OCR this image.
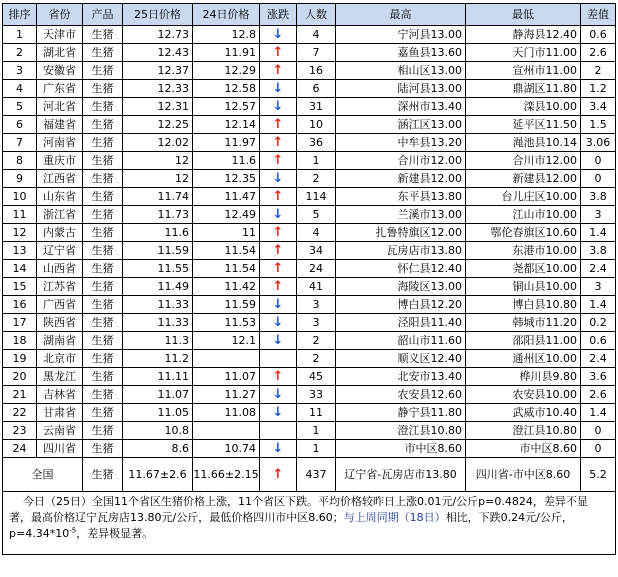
排序	省份	产品	25日价格	24日价格	涨跌	人数	最高	最低	差值
1	天津市	生猪	12.73	12.8	↓	4	宁河县13.00	静海县12.40	0.6
2	湖北省	生猪	12.43	11.91	↑	7	嘉鱼县13.60	天门市11.00	2.6
3	安徽省	生猪	12.37	12.29	↑	16	相山区13.00	宣州市11.00	2
4	广东省	生猪	12.33	12.58	↓	6	陆河县13.00	鼎湖区11.80	1.2
5	河北省	生猪	12.31	12.57	↓	31	深州市13.40	滦县10.00	3.4
6	福建省	生猪	12.25	12.14	↑	10	涵江区13.00	延平区11.50	1.5
7	河南省	生猪	12.02	11.97	↑	36	中牟县13.20	渑池县10.14	3.06
8	重庆市	生猪	12	11.6	↑	1	合川市12.00	合川市12.00	0
9	江西省	生猪	12	12.35	↓	2	新建县12.00	新建县12.00	0
10	山东省	生猪	11.74	11.47	↑	114	东平县13.80	台儿庄区10.00	3.8
11	浙江省	生猪	11.73	12.49	↓	5	兰溪市13.00	江山市10.00	3
12	内蒙古	生猪	11.6	11	↑	4	扎鲁特旗区12.00	鄂伦春旗区10.60	1.4
13	辽宁省	生猪	11.59	11.54	↑	34	瓦房店市13.80	东港市10.00	3.8
14	山西省	生猪	11.55	11.54	↑	24	怀仁县12.40	尧都区10.00	2.4
15	江苏省	生猪	11.49	11.42	↑	41	海陵区13.00	铜山县10.00	3
16	广西省	生猪	11.33	11.59	↓	3	博白县12.20	博白县10.80	1.4
17	陕西省	生猪	11.33	11.53	↓	3	泾阳县11.40	韩城市11.20	0.2
18	湖南省	生猪	11.3	12.1	↓	2	韶山市11.60	邵阳县11.00	0.6
19	北京市	生猪	11.2			2	顺义区12.40	通州区10.00	2.4
20	黑龙江	生猪	11.11	11.07	↑	45	北安市13.40	桦川县9.80	3.6
21	吉林省	生猪	11.07	11.27	↓	33	农安县12.60	农安县10.00	2.6
22	甘肃省	生猪	11.05	11.08	↓	11	静宁县11.80	武威市10.40	1.4
23	云南省	生猪	10.8			1	澄江县10.80	澄江县10.80	0
24	四川省	生猪	8.6	10.74	↓	1	市中区8.60	市中区8.60	0
全国		生猪	11.67±2.6	11.66±2.15	↑	437	辽宁省-瓦房店市13.80	四川省-市中区8.60	5.2
今日（25日）全国11个省区生猪价格上涨，11个省区下跌。平均价格较昨日上涨0.01元/公斤p=0.4824，差异不显著，最高价格辽宁瓦房店13.80元/公斤，最低价格四川市中区8.60；与上周同期（18日）相比，下跌0.24元/公斤，$p=4.34*10^{-5}$，差异极显著。									
